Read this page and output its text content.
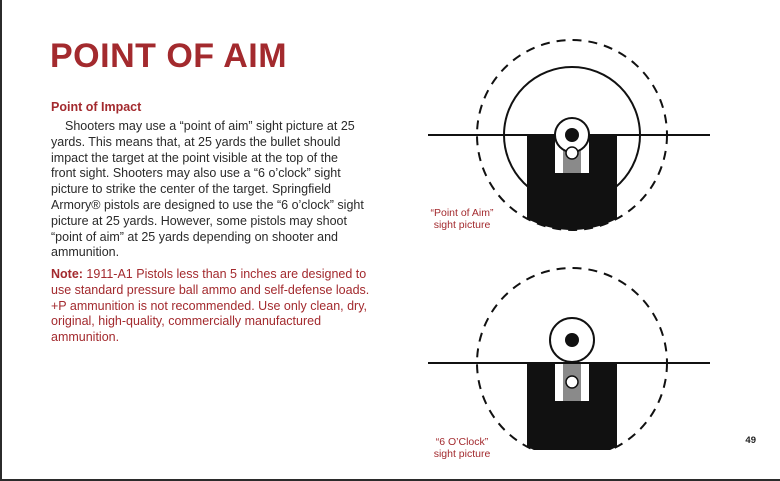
POINT OF AIM
Point of Impact

Shooters may use a “point of aim” sight picture at 25 yards. This means that, at 25 yards the bullet should impact the target at the point visible at the top of the front sight. Shooters may also use a “6 o’clock” sight picture to strike the center of the target. Springfield Armory® pistols are designed to use the “6 o’clock” sight picture at 25 yards. However, some pistols may shoot “point of aim” at 25 yards depending on shooter and ammunition.

Note: 1911-A1 Pistols less than 5 inches are designed to use standard pressure ball ammo and self-defense loads. +P ammunition is not recommended. Use only clean, dry, original, high-quality, commercially manufactured ammunition.

“Point of Aim”
sight picture
“6 O’Clock”
sight picture
49
